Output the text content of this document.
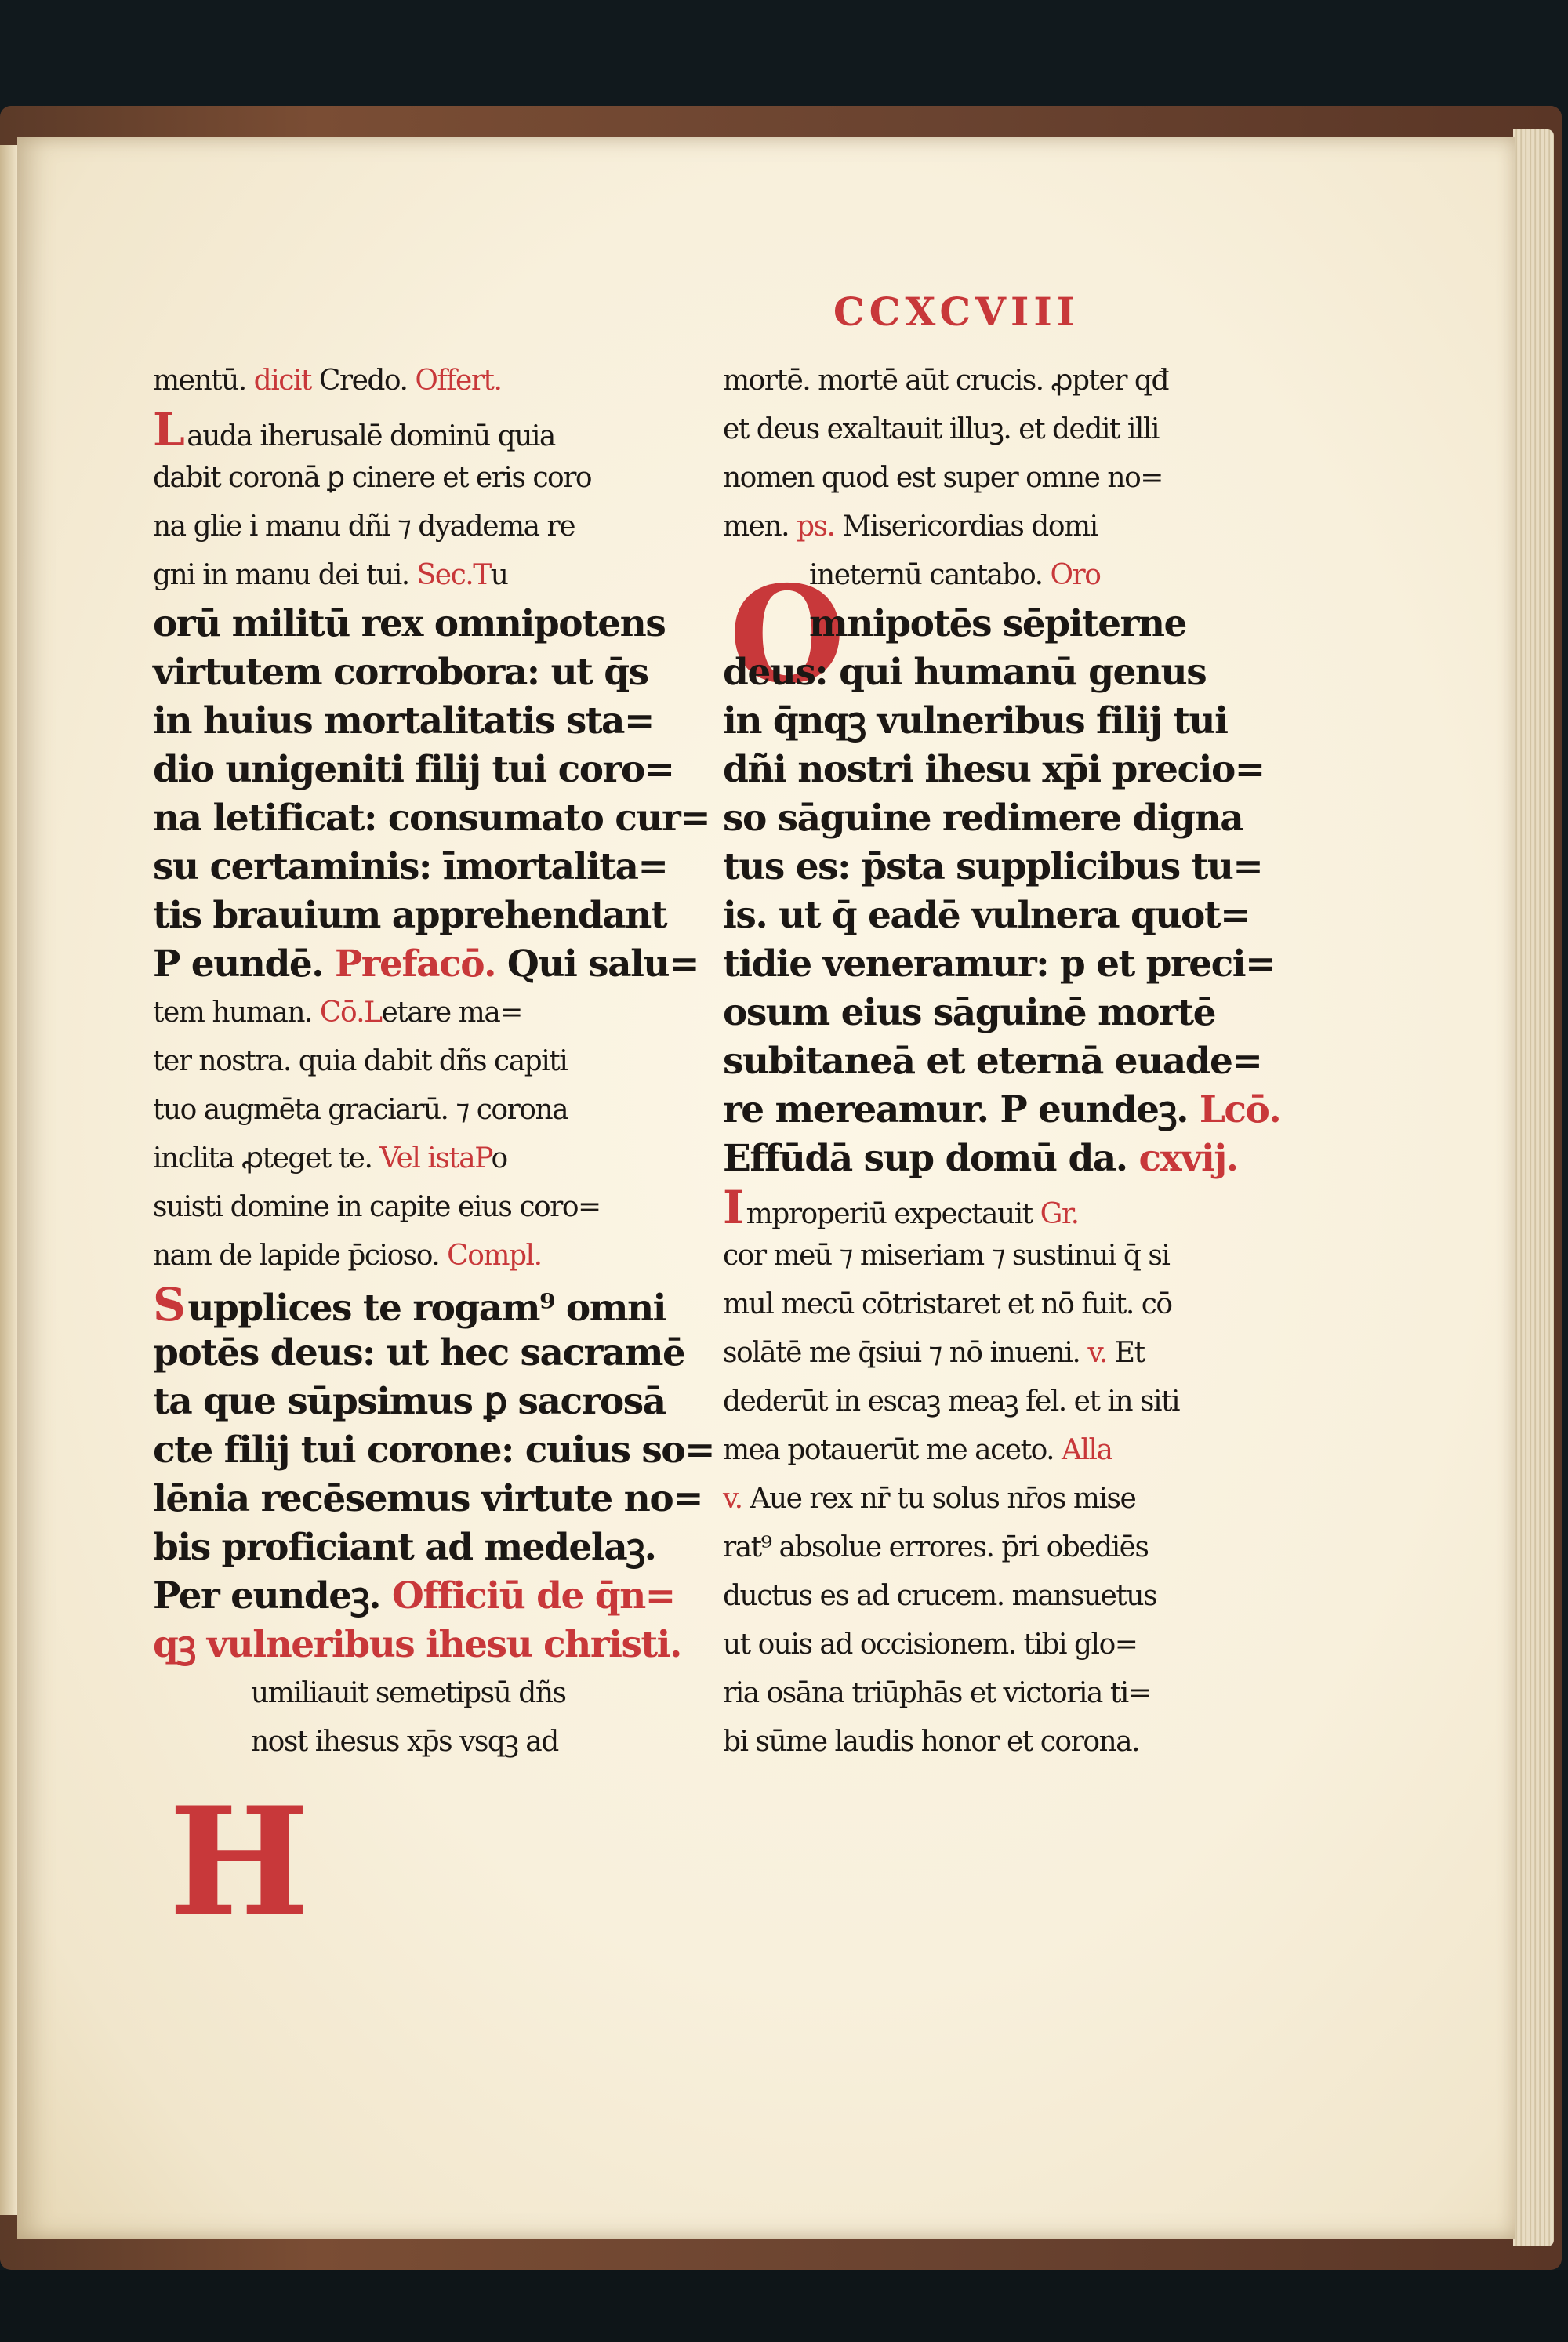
CCXCVIII
O
H
mentū. dicit Credo. Offert.
Lauda iherusalē dominū quia
dabit coronā ꝑ cinere et eris coro
na glie i manu dñi ⁊ dyadema re
gni in manu dei tui. Sec.Tu
orū militū rex omnipotens
virtutem corrobora: ut q̄s
in huius mortalitatis sta=
dio unigeniti filij tui coro=
na letificat: consumato cur=
su certaminis: īmortalita=
tis brauium apprehendant
P eundē. Prefacō. Qui salu=
tem human. Cō.Letare ma=
ter nostra. quia dabit dñs capiti
tuo augmēta graciarū. ⁊ corona
inclita ꝓteget te. Vel istaPo
suisti domine in capite eius coro=
nam de lapide p̄cioso. Compl.
Supplices te rogam⁹ omni
potēs deus: ut hec sacramē
ta que sūpsimus ꝑ sacrosā
cte filij tui corone: cuius so=
lēnia recēsemus virtute no=
bis proficiant ad medelaꝫ.
Per eundeꝫ. Officiū de q̄n=
qꝫ vulneribus ihesu christi.
umiliauit semetipsū dñs
nost ihesus xp̄s vsqꝫ ad
mortē. mortē aūt crucis. ꝓpter qđ
et deus exaltauit illuꝫ. et dedit illi
nomen quod est super omne no=
men. ps. Misericordias domi
ineternū cantabo. Oro
mnipotēs sēpiterne
deus: qui humanū genus
in q̄nqꝫ vulneribus filij tui
dñi nostri ihesu xp̄i precio=
so sāguine redimere digna
tus es: p̄sta supplicibus tu=
is. ut q̄ eadē vulnera quot=
tidie veneramur: p et preci=
osum eius sāguinē mortē
subitaneā et eternā euade=
re mereamur. P eundeꝫ. Lcō.
Effūdā sup domū da. cxvij.
Improperiū expectauit Gr.
cor meū ⁊ miseriam ⁊ sustinui q̄ si
mul mecū cōtristaret et nō fuit. cō
solātē me q̄siui ⁊ nō inueni. v. Et
dederūt in escaꝫ meaꝫ fel. et in siti
mea potauerūt me aceto. Alla
v. Aue rex nr̄ tu solus nr̄os mise
rat⁹ absolue errores. p̄ri obediēs
ductus es ad crucem. mansuetus
ut ouis ad occisionem. tibi glo=
ria osāna triūphās et victoria ti=
bi sūme laudis honor et corona.
